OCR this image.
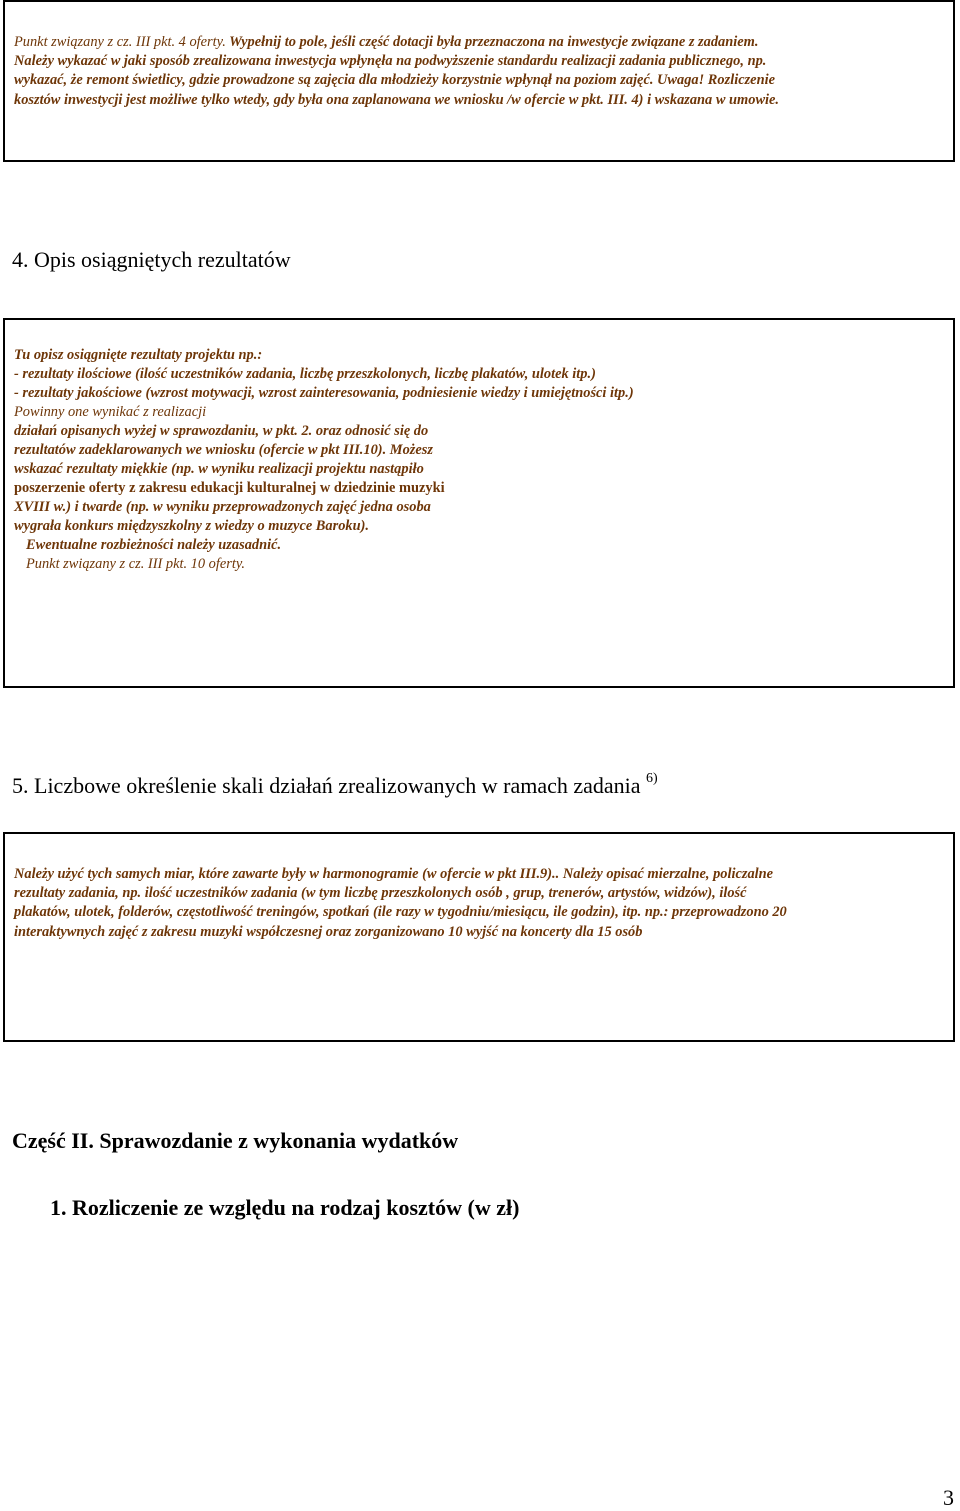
Punkt związany z cz. III pkt. 4 oferty. Wypełnij to pole, jeśli część dotacji była przeznaczona na inwestycje związane z zadaniem.

Należy wykazać w jaki sposób zrealizowana inwestycja wpłynęła na podwyższenie standardu realizacji zadania publicznego, np.

wykazać, że remont świetlicy, gdzie prowadzone są zajęcia dla młodzieży korzystnie wpłynął na poziom zajęć. Uwaga! Rozliczenie

kosztów inwestycji jest możliwe tylko wtedy, gdy była ona zaplanowana we wniosku /w ofercie w pkt. III. 4) i wskazana w umowie.

4. Opis osiągniętych rezultatów

Tu opisz osiągnięte rezultaty projektu np.:

- rezultaty ilościowe (ilość uczestników zadania, liczbę przeszkolonych, liczbę plakatów, ulotek itp.)

- rezultaty jakościowe (wzrost motywacji, wzrost zainteresowania, podniesienie wiedzy i umiejętności itp.)

Powinny one wynikać z realizacji

działań opisanych wyżej w sprawozdaniu, w pkt. 2. oraz odnosić się do

rezultatów zadeklarowanych we wniosku (ofercie w pkt III.10). Możesz

wskazać rezultaty miękkie (np. w wyniku realizacji projektu nastąpiło

poszerzenie oferty z zakresu edukacji kulturalnej w dziedzinie muzyki

XVIII w.) i twarde (np. w wyniku przeprowadzonych zajęć jedna osoba

wygrała konkurs międzyszkolny z wiedzy o muzyce Baroku).

Ewentualne rozbieżności należy uzasadnić.

Punkt związany z cz. III pkt. 10 oferty.

5. Liczbowe określenie skali działań zrealizowanych w ramach zadania $^{6)}$

Należy użyć tych samych miar, które zawarte były w harmonogramie (w ofercie w pkt III.9).. Należy opisać mierzalne, policzalne

rezultaty zadania, np. ilość uczestników zadania (w tym liczbę przeszkolonych osób , grup, trenerów, artystów, widzów), ilość

plakatów, ulotek, folderów, częstotliwość treningów, spotkań (ile razy w tygodniu/miesiącu, ile godzin), itp. np.: przeprowadzono 20

interaktywnych zajęć z zakresu muzyki współczesnej oraz zorganizowano 10 wyjść na koncerty dla 15 osób

Część II. Sprawozdanie z wykonania wydatków
1. Rozliczenie ze względu na rodzaj kosztów (w zł)
3
